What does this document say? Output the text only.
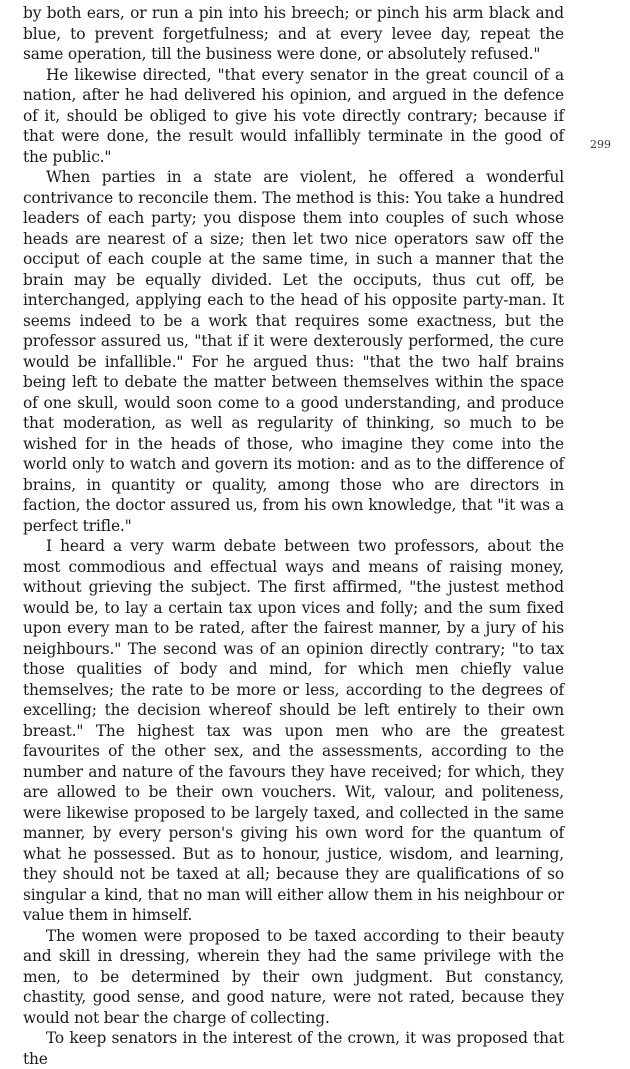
by both ears, or run a pin into his breech; or pinch his arm black and blue, to prevent forgetfulness; and at every levee day, repeat the same operation, till the business were done, or absolutely refused."

He likewise directed, "that every senator in the great council of a nation, after he had delivered his opinion, and argued in the defence of it, should be obliged to give his vote directly contrary; because if that were done, the result would infallibly terminate in the good of the public."

When parties in a state are violent, he offered a wonderful contrivance to reconcile them. The method is this: You take a hundred leaders of each party; you dispose them into couples of such whose heads are nearest of a size; then let two nice operators saw off the occiput of each couple at the same time, in such a manner that the brain may be equally divided. Let the occiputs, thus cut off, be interchanged, applying each to the head of his opposite party-man. It seems indeed to be a work that requires some exactness, but the professor assured us, "that if it were dexterously performed, the cure would be infallible." For he argued thus: "that the two half brains being left to debate the matter between themselves within the space of one skull, would soon come to a good understanding, and produce that moderation, as well as regularity of thinking, so much to be wished for in the heads of those, who imagine they come into the world only to watch and govern its motion: and as to the difference of brains, in quantity or quality, among those who are directors in faction, the doctor assured us, from his own knowledge, that "it was a perfect trifle."

I heard a very warm debate between two professors, about the most commodious and effectual ways and means of raising money, without grieving the subject. The first affirmed, "the justest method would be, to lay a certain tax upon vices and folly; and the sum fixed upon every man to be rated, after the fairest manner, by a jury of his neighbours." The second was of an opinion directly contrary; "to tax those qualities of body and mind, for which men chiefly value themselves; the rate to be more or less, according to the degrees of excelling; the decision whereof should be left entirely to their own breast." The highest tax was upon men who are the greatest favourites of the other sex, and the assessments, according to the number and nature of the favours they have received; for which, they are allowed to be their own vouchers. Wit, valour, and politeness, were likewise proposed to be largely taxed, and collected in the same manner, by every person's giving his own word for the quantum of what he possessed. But as to honour, justice, wisdom, and learning, they should not be taxed at all; because they are qualifications of so singular a kind, that no man will either allow them in his neighbour or value them in himself.

The women were proposed to be taxed according to their beauty and skill in dressing, wherein they had the same privilege with the men, to be determined by their own judgment. But constancy, chastity, good sense, and good nature, were not rated, because they would not bear the charge of collecting.

To keep senators in the interest of the crown, it was proposed that the

299
